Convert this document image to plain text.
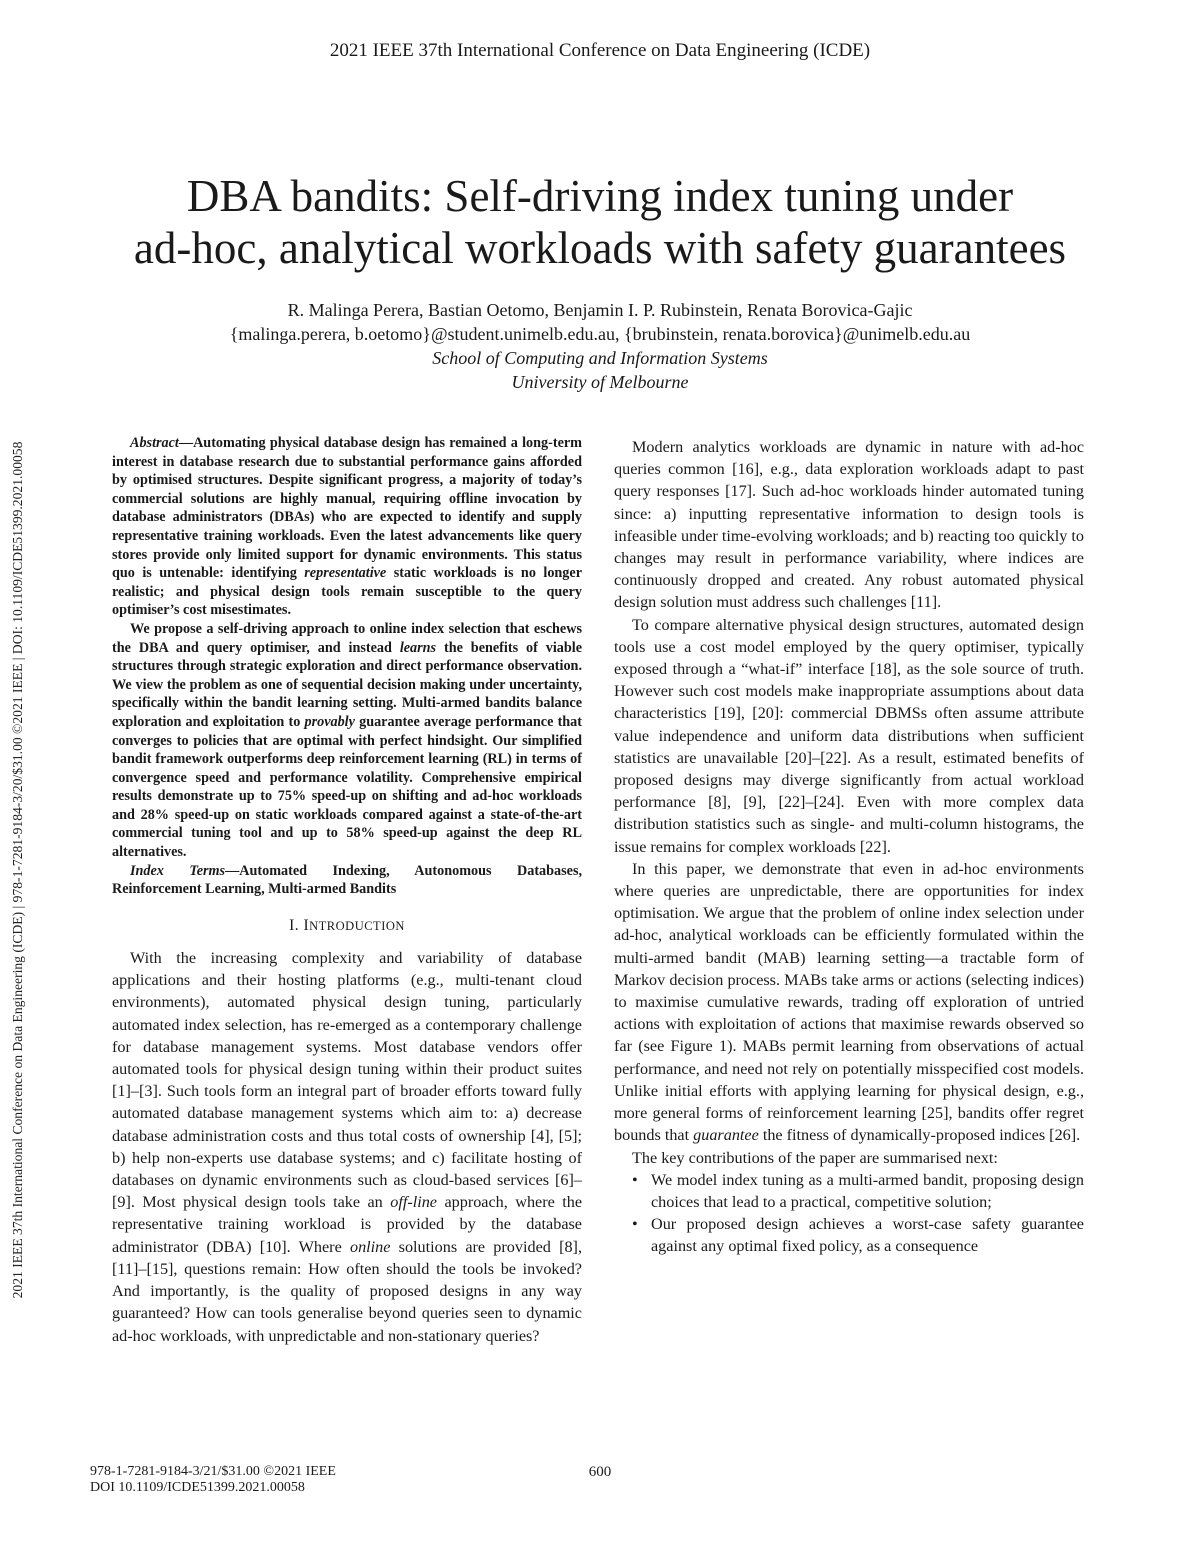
2021 IEEE 37th International Conference on Data Engineering (ICDE)
2021 IEEE 37th International Conference on Data Engineering (ICDE) | 978-1-7281-9184-3/20/$31.00 ©2021 IEEE | DOI: 10.1109/ICDE51399.2021.00058
DBA bandits: Self-driving index tuning under
ad-hoc, analytical workloads with safety guarantees
R. Malinga Perera, Bastian Oetomo, Benjamin I. P. Rubinstein, Renata Borovica-Gajic
{malinga.perera, b.oetomo}@student.unimelb.edu.au, {brubinstein, renata.borovica}@unimelb.edu.au
School of Computing and Information Systems
University of Melbourne

Abstract—Automating physical database design has remained a long-term interest in database research due to substantial performance gains afforded by optimised structures. Despite significant progress, a majority of today’s commercial solutions are highly manual, requiring offline invocation by database administrators (DBAs) who are expected to identify and supply representative training workloads. Even the latest advancements like query stores provide only limited support for dynamic environments. This status quo is untenable: identifying representative static workloads is no longer realistic; and physical design tools remain susceptible to the query optimiser’s cost misestimates.

We propose a self-driving approach to online index selection that eschews the DBA and query optimiser, and instead learns the benefits of viable structures through strategic exploration and direct performance observation. We view the problem as one of sequential decision making under uncertainty, specifically within the bandit learning setting. Multi-armed bandits balance exploration and exploitation to provably guarantee average performance that converges to policies that are optimal with perfect hindsight. Our simplified bandit framework outperforms deep reinforcement learning (RL) in terms of convergence speed and performance volatility. Comprehensive empirical results demonstrate up to 75% speed-up on shifting and ad-hoc workloads and 28% speed-up on static workloads compared against a state-of-the-art commercial tuning tool and up to 58% speed-up against the deep RL alternatives.

Index Terms—Automated Indexing, Autonomous Databases, Reinforcement Learning, Multi-armed Bandits

I. INTRODUCTION

With the increasing complexity and variability of database applications and their hosting platforms (e.g., multi-tenant cloud environments), automated physical design tuning, particularly automated index selection, has re-emerged as a contemporary challenge for database management systems. Most database vendors offer automated tools for physical design tuning within their product suites [1]–[3]. Such tools form an integral part of broader efforts toward fully automated database management systems which aim to: a) decrease database administration costs and thus total costs of ownership [4], [5]; b) help non-experts use database systems; and c) facilitate hosting of databases on dynamic environments such as cloud-based services [6]–[9]. Most physical design tools take an off-line approach, where the representative training workload is provided by the database administrator (DBA) [10]. Where online solutions are provided [8], [11]–[15], questions remain: How often should the tools be invoked? And importantly, is the quality of proposed designs in any way guaranteed? How can tools generalise beyond queries seen to dynamic ad-hoc workloads, with unpredictable and non-stationary queries?

Modern analytics workloads are dynamic in nature with ad-hoc queries common [16], e.g., data exploration workloads adapt to past query responses [17]. Such ad-hoc workloads hinder automated tuning since: a) inputting representative information to design tools is infeasible under time-evolving workloads; and b) reacting too quickly to changes may result in performance variability, where indices are continuously dropped and created. Any robust automated physical design solution must address such challenges [11].

To compare alternative physical design structures, automated design tools use a cost model employed by the query optimiser, typically exposed through a “what-if” interface [18], as the sole source of truth. However such cost models make inappropriate assumptions about data characteristics [19], [20]: commercial DBMSs often assume attribute value independence and uniform data distributions when sufficient statistics are unavailable [20]–[22]. As a result, estimated benefits of proposed designs may diverge significantly from actual workload performance [8], [9], [22]–[24]. Even with more complex data distribution statistics such as single- and multi-column histograms, the issue remains for complex workloads [22].

In this paper, we demonstrate that even in ad-hoc environments where queries are unpredictable, there are opportunities for index optimisation. We argue that the problem of online index selection under ad-hoc, analytical workloads can be efficiently formulated within the multi-armed bandit (MAB) learning setting—a tractable form of Markov decision process. MABs take arms or actions (selecting indices) to maximise cumulative rewards, trading off exploration of untried actions with exploitation of actions that maximise rewards observed so far (see Figure 1). MABs permit learning from observations of actual performance, and need not rely on potentially misspecified cost models. Unlike initial efforts with applying learning for physical design, e.g., more general forms of reinforcement learning [25], bandits offer regret bounds that guarantee the fitness of dynamically-proposed indices [26].

The key contributions of the paper are summarised next:

• We model index tuning as a multi-armed bandit, proposing design choices that lead to a practical, competitive solution;
• Our proposed design achieves a worst-case safety guarantee against any optimal fixed policy, as a consequence
978-1-7281-9184-3/21/$31.00 ©2021 IEEE
DOI 10.1109/ICDE51399.2021.00058
600
